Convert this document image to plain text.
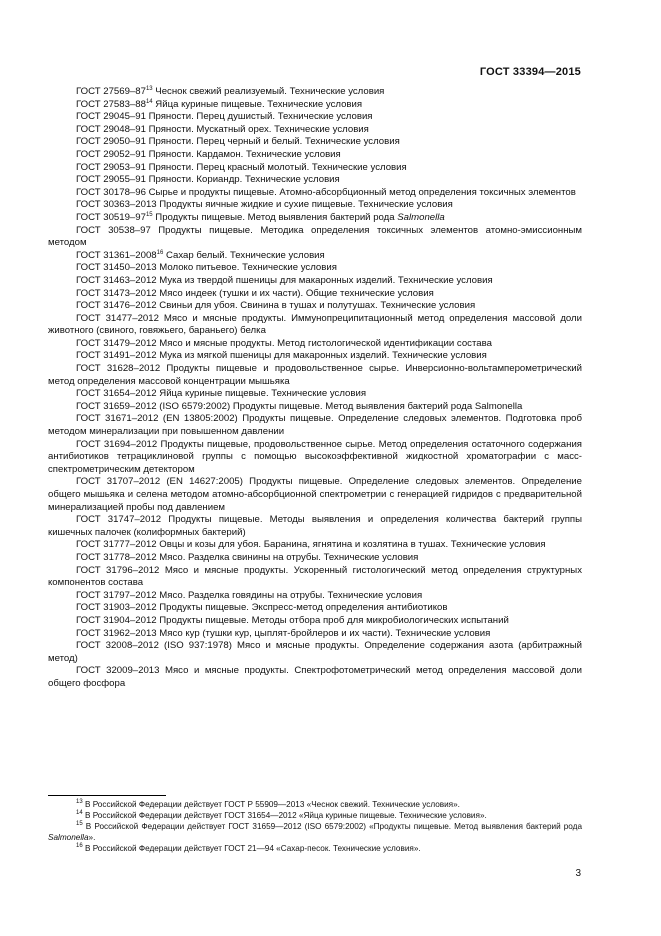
ГОСТ 33394—2015

ГОСТ $27569-87^{13}$ Чеснок свежий реализуемый. Технические условия

ГОСТ $27583-88^{14}$ Яйца куриные пищевые. Технические условия

ГОСТ 29045–91 Пряности. Перец душистый. Технические условия

ГОСТ 29048–91 Пряности. Мускатный орех. Технические условия

ГОСТ 29050–91 Пряности. Перец черный и белый. Технические условия

ГОСТ 29052–91 Пряности. Кардамон. Технические условия

ГОСТ 29053–91 Пряности. Перец красный молотый. Технические условия

ГОСТ 29055–91 Пряности. Кориандр. Технические условия

ГОСТ 30178–96 Сырье и продукты пищевые. Атомно-абсорбционный метод определения токсичных элементов

ГОСТ 30363–2013 Продукты яичные жидкие и сухие пищевые. Технические условия

ГОСТ $30519-97^{15}$ Продукты пищевые. Метод выявления бактерий рода Salmonella

ГОСТ 30538–97 Продукты пищевые. Методика определения токсичных элементов атомно-эмиссионным методом

ГОСТ 31361–2008$^{16}$ Сахар белый. Технические условия

ГОСТ 31450–2013 Молоко питьевое. Технические условия

ГОСТ 31463–2012 Мука из твердой пшеницы для макаронных изделий. Технические условия

ГОСТ 31473–2012 Мясо индеек (тушки и их части). Общие технические условия

ГОСТ 31476–2012 Свиньи для убоя. Свинина в тушах и полутушах. Технические условия

ГОСТ 31477–2012 Мясо и мясные продукты. Иммунопреципитационный метод определения массовой доли животного (свиного, говяжьего, бараньего) белка

ГОСТ 31479–2012 Мясо и мясные продукты. Метод гистологической идентификации состава

ГОСТ 31491–2012 Мука из мягкой пшеницы для макаронных изделий. Технические условия

ГОСТ 31628–2012 Продукты пищевые и продовольственное сырье. Инверсионно-вольтамперометрический метод определения массовой концентрации мышьяка

ГОСТ 31654–2012 Яйца куриные пищевые. Технические условия

ГОСТ 31659–2012 (ISO 6579:2002) Продукты пищевые. Метод выявления бактерий рода Salmonella

ГОСТ 31671–2012 (EN 13805:2002) Продукты пищевые. Определение следовых элементов. Подготовка проб методом минерализации при повышенном давлении

ГОСТ 31694–2012 Продукты пищевые, продовольственное сырье. Метод определения остаточного содержания антибиотиков тетрациклиновой группы с помощью высокоэффективной жидкостной хроматографии с масс-спектрометрическим детектором

ГОСТ 31707–2012 (EN 14627:2005) Продукты пищевые. Определение следовых элементов. Определение общего мышьяка и селена методом атомно-абсорбционной спектрометрии с генерацией гидридов с предварительной минерализацией пробы под давлением

ГОСТ 31747–2012 Продукты пищевые. Методы выявления и определения количества бактерий группы кишечных палочек (колиформных бактерий)

ГОСТ 31777–2012 Овцы и козы для убоя. Баранина, ягнятина и козлятина в тушах. Технические условия

ГОСТ 31778–2012 Мясо. Разделка свинины на отрубы. Технические условия

ГОСТ 31796–2012 Мясо и мясные продукты. Ускоренный гистологический метод определения структурных компонентов состава

ГОСТ 31797–2012 Мясо. Разделка говядины на отрубы. Технические условия

ГОСТ 31903–2012 Продукты пищевые. Экспресс-метод определения антибиотиков

ГОСТ 31904–2012 Продукты пищевые. Методы отбора проб для микробиологических испытаний

ГОСТ 31962–2013 Мясо кур (тушки кур, цыплят-бройлеров и их части). Технические условия

ГОСТ 32008–2012 (ISO 937:1978) Мясо и мясные продукты. Определение содержания азота (арбитражный метод)

ГОСТ 32009–2013 Мясо и мясные продукты. Спектрофотометрический метод определения массовой доли общего фосфора

$^{13}$ В Российской Федерации действует ГОСТ Р 55909—2013 «Чеснок свежий. Технические условия».

$^{14}$ В Российской Федерации действует ГОСТ 31654—2012 «Яйца куриные пищевые. Технические условия».

$^{15}$ В Российской Федерации действует ГОСТ 31659—2012 (ISO 6579:2002) «Продукты пищевые. Метод выявления бактерий рода Salmonella».

$^{16}$ В Российской Федерации действует ГОСТ 21—94 «Сахар-песок. Технические условия».

3
